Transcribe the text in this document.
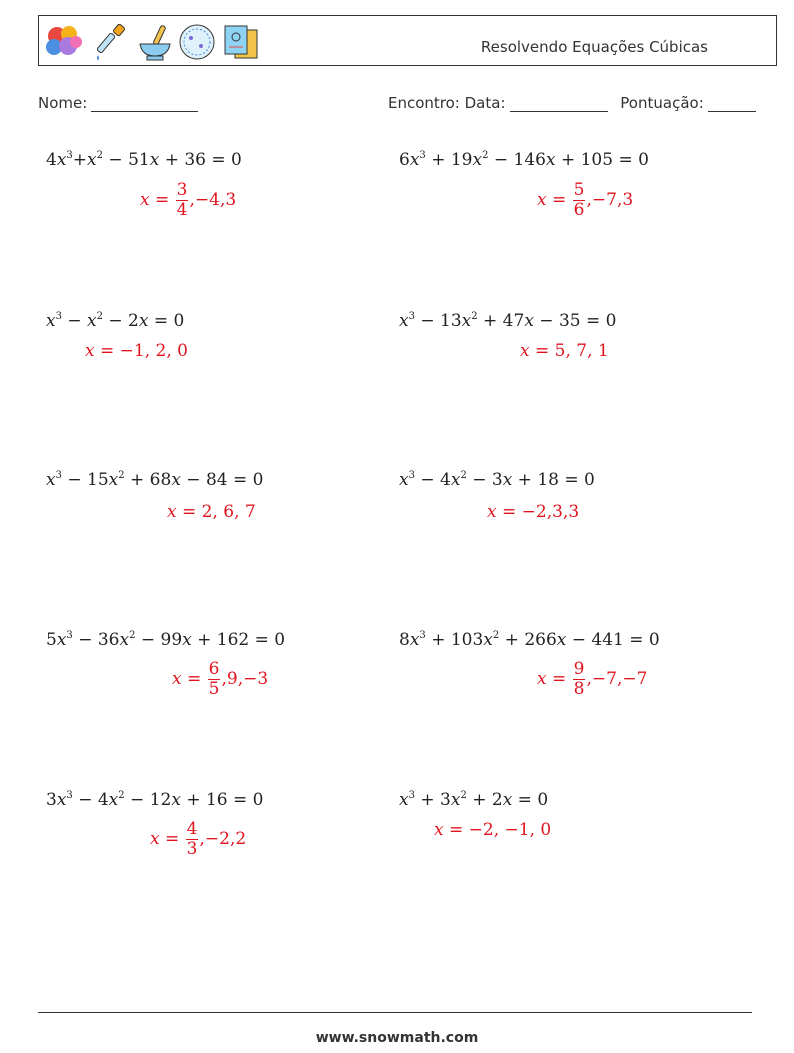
Resolvendo Equações Cúbicas
Nome:	Encontro: Data:	Pontuação:
$4x^3+x^2 - 51x + 36 = 0$
$x = \frac{3}{4} ,-4,3$
$6x^3 + 19x^2 - 146x + 105 = 0$
$x = \frac{5}{6} ,-7,3$
$x^3 - x^2 - 2x = 0$
x = −1, 2, 0
$x^3 - 13x^2 + 47x - 35 = 0$
x = 5, 7, 1
$x^3 - 15x^2 + 68x - 84 = 0$
x = 2, 6, 7
$x^3 - 4x^2 - 3x + 18 = 0$
x = −2,3,3
$5x^3 - 36x^2 - 99x + 162 = 0$
$x = \frac{6}{5} ,9,-3$
$8x^3 + 103x^2 + 266x - 441 = 0$
$x = \frac{9}{8} ,-7,-7$
$3x^3 - 4x^2 - 12x + 16 = 0$
$x = \frac{4}{3} ,-2,2$
$x^3 + 3x^2 + 2x = 0$
x = −2, −1, 0
www.snowmath.com
